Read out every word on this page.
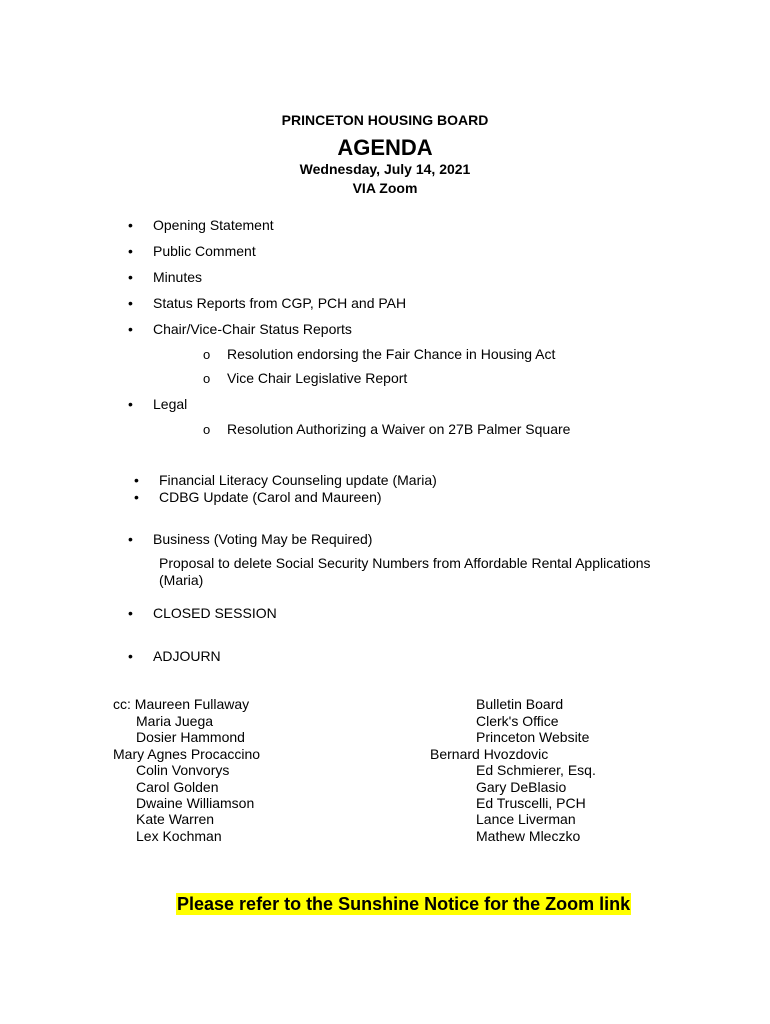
PRINCETON HOUSING BOARD
AGENDA
Wednesday, July 14, 2021
VIA Zoom
• Opening Statement
• Public Comment
• Minutes
• Status Reports from CGP, PCH and PAH
• Chair/Vice-Chair Status Reports
o Resolution endorsing the Fair Chance in Housing Act
o Vice Chair Legislative Report
• Legal
o Resolution Authorizing a Waiver on 27B Palmer Square
• Financial Literacy Counseling update (Maria)
• CDBG Update (Carol and Maureen)
• Business (Voting May be Required)
Proposal to delete Social Security Numbers from Affordable Rental Applications (Maria)
• CLOSED SESSION
• ADJOURN
cc: Maureen Fullaway
Maria Juega
Dosier Hammond
Mary Agnes Procaccino
Colin Vonvorys
Carol Golden
Dwaine Williamson
Kate Warren
Lex Kochman
Bulletin Board
Clerk's Office
Princeton Website
Bernard Hvozdovic
Ed Schmierer, Esq.
Gary DeBlasio
Ed Truscelli, PCH
Lance Liverman
Mathew Mleczko
Please refer to the Sunshine Notice for the Zoom link
